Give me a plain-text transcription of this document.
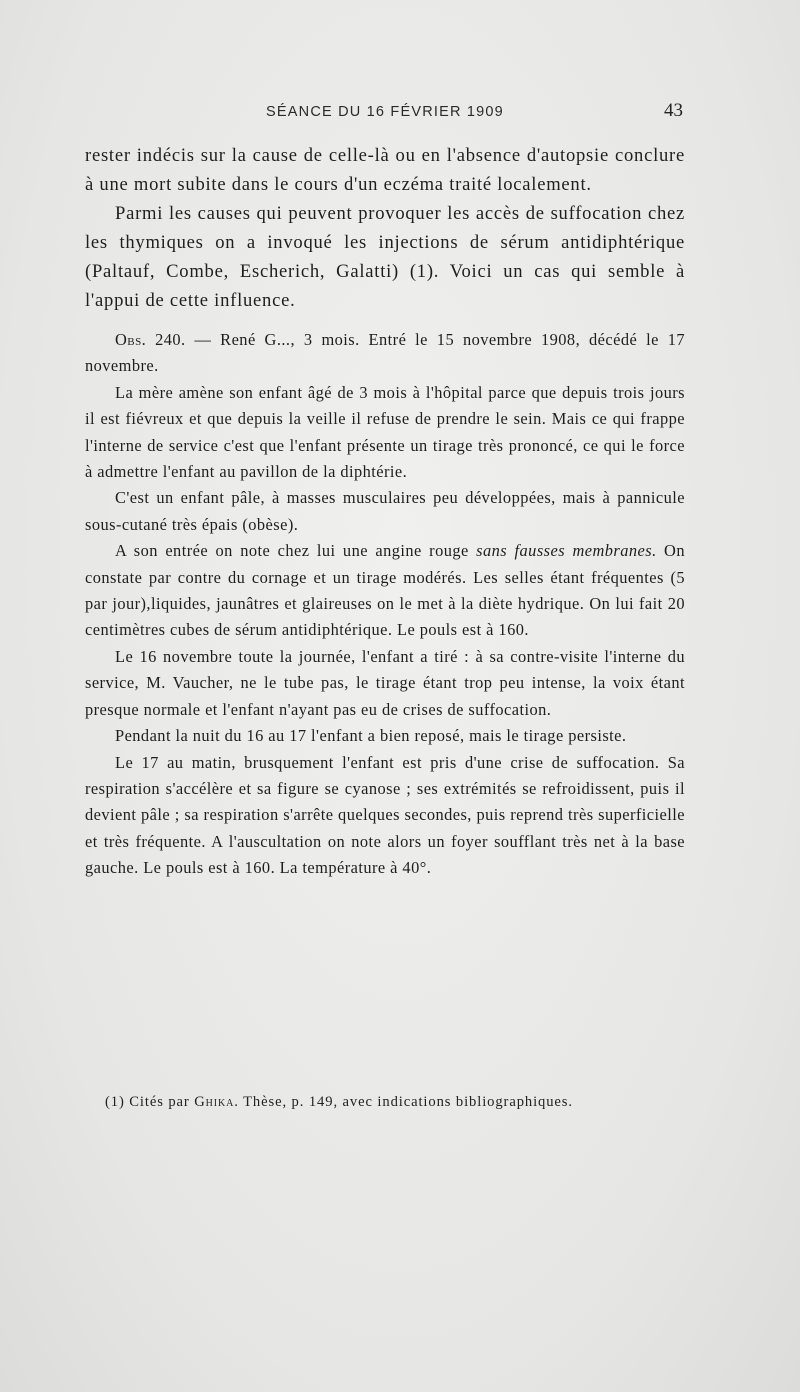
SÉANCE DU 16 FÉVRIER 1909	43

rester indécis sur la cause de celle-là ou en l'absence d'autopsie conclure à une mort subite dans le cours d'un eczéma traité localement.

Parmi les causes qui peuvent provoquer les accès de suffocation chez les thymiques on a invoqué les injections de sérum antidiphtérique (Paltauf, Combe, Escherich, Galatti) (1). Voici un cas qui semble à l'appui de cette influence.

Obs. 240. — René G..., 3 mois. Entré le 15 novembre 1908, décédé le 17 novembre.

La mère amène son enfant âgé de 3 mois à l'hôpital parce que depuis trois jours il est fiévreux et que depuis la veille il refuse de prendre le sein. Mais ce qui frappe l'interne de service c'est que l'enfant présente un tirage très prononcé, ce qui le force à admettre l'enfant au pavillon de la diphtérie.

C'est un enfant pâle, à masses musculaires peu développées, mais à pannicule sous-cutané très épais (obèse).

A son entrée on note chez lui une angine rouge sans fausses membranes. On constate par contre du cornage et un tirage modérés. Les selles étant fréquentes (5 par jour),liquides, jaunâtres et glaireuses on le met à la diète hydrique. On lui fait 20 centimètres cubes de sérum antidiphtérique. Le pouls est à 160.

Le 16 novembre toute la journée, l'enfant a tiré : à sa contre-visite l'interne du service, M. Vaucher, ne le tube pas, le tirage étant trop peu intense, la voix étant presque normale et l'enfant n'ayant pas eu de crises de suffocation.

Pendant la nuit du 16 au 17 l'enfant a bien reposé, mais le tirage persiste.

Le 17 au matin, brusquement l'enfant est pris d'une crise de suffocation. Sa respiration s'accélère et sa figure se cyanose ; ses extrémités se refroidissent, puis il devient pâle ; sa respiration s'arrête quelques secondes, puis reprend très superficielle et très fréquente. A l'auscultation on note alors un foyer soufflant très net à la base gauche. Le pouls est à 160. La température à 40°.

(1) Cités par Ghika. Thèse, p. 149, avec indications bibliographiques.
